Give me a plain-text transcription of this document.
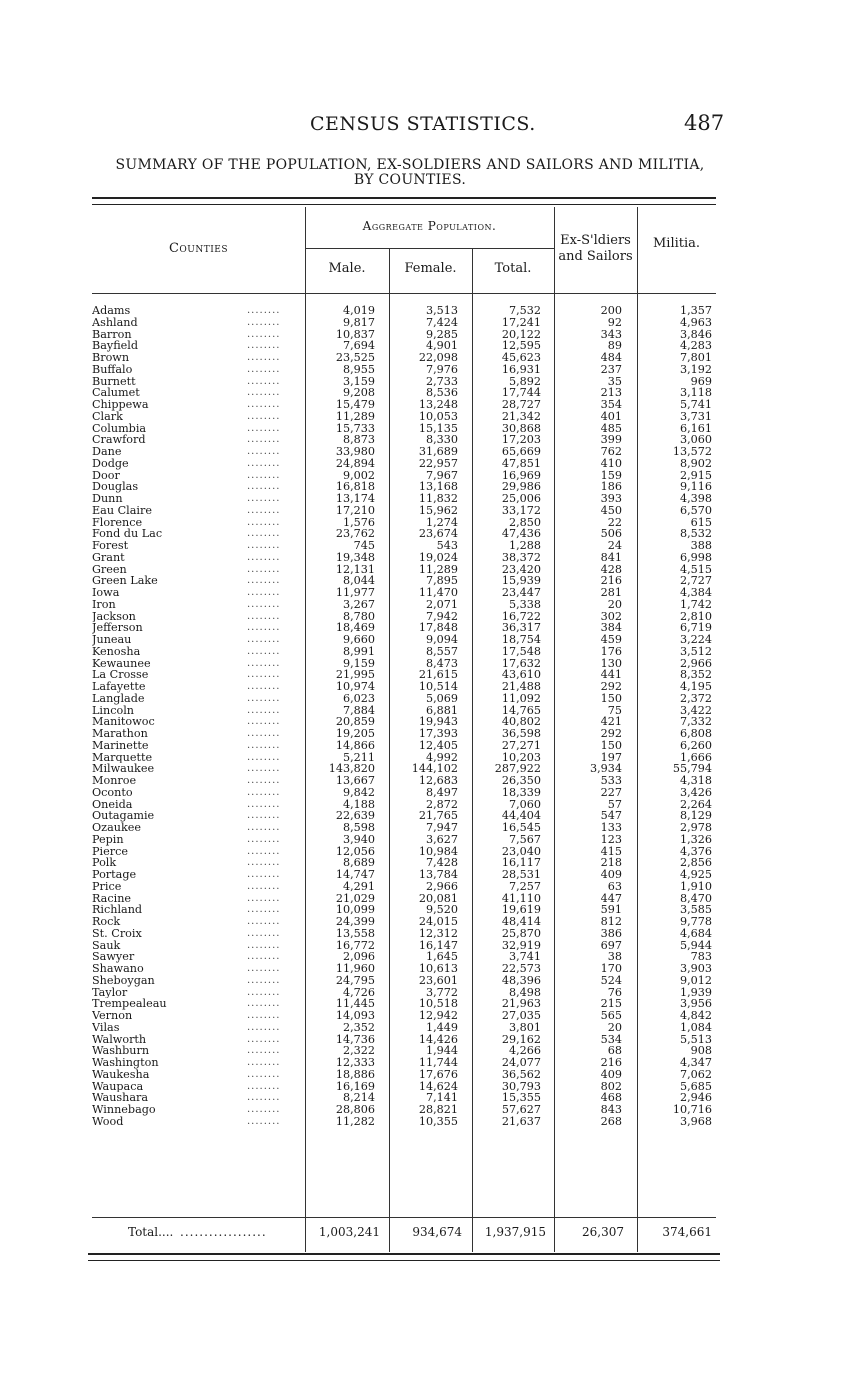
CENSUS STATISTICS.	487
SUMMARY OF THE POPULATION, EX-SOLDIERS AND SAILORS AND MILITIA,
BY COUNTIES.
Counties
Aggregate Population.
Male.	Female.	Total.
Ex-S'ldiers
and Sailors
Militia.
Adams	........	4,019	3,513	7,532	200	1,357
Ashland	........	9,817	7,424	17,241	92	4,963
Barron	........	10,837	9,285	20,122	343	3,846
Bayfield	........	7,694	4,901	12,595	89	4,283
Brown	........	23,525	22,098	45,623	484	7,801
Buffalo	........	8,955	7,976	16,931	237	3,192
Burnett	........	3,159	2,733	5,892	35	969
Calumet	........	9,208	8,536	17,744	213	3,118
Chippewa	........	15,479	13,248	28,727	354	5,741
Clark	........	11,289	10,053	21,342	401	3,731
Columbia	........	15,733	15,135	30,868	485	6,161
Crawford	........	8,873	8,330	17,203	399	3,060
Dane	........	33,980	31,689	65,669	762	13,572
Dodge	........	24,894	22,957	47,851	410	8,902
Door	........	9,002	7,967	16,969	159	2,915
Douglas	........	16,818	13,168	29,986	186	9,116
Dunn	........	13,174	11,832	25,006	393	4,398
Eau Claire	........	17,210	15,962	33,172	450	6,570
Florence	........	1,576	1,274	2,850	22	615
Fond du Lac	........	23,762	23,674	47,436	506	8,532
Forest	........	745	543	1,288	24	388
Grant	........	19,348	19,024	38,372	841	6,998
Green	........	12,131	11,289	23,420	428	4,515
Green Lake	........	8,044	7,895	15,939	216	2,727
Iowa	........	11,977	11,470	23,447	281	4,384
Iron	........	3,267	2,071	5,338	20	1,742
Jackson	........	8,780	7,942	16,722	302	2,810
Jefferson	........	18,469	17,848	36,317	384	6,719
Juneau	........	9,660	9,094	18,754	459	3,224
Kenosha	........	8,991	8,557	17,548	176	3,512
Kewaunee	........	9,159	8,473	17,632	130	2,966
La Crosse	........	21,995	21,615	43,610	441	8,352
Lafayette	........	10,974	10,514	21,488	292	4,195
Langlade	........	6,023	5,069	11,092	150	2,372
Lincoln	........	7,884	6,881	14,765	75	3,422
Manitowoc	........	20,859	19,943	40,802	421	7,332
Marathon	........	19,205	17,393	36,598	292	6,808
Marinette	........	14,866	12,405	27,271	150	6,260
Marquette	........	5,211	4,992	10,203	197	1,666
Milwaukee	........	143,820	144,102	287,922	3,934	55,794
Monroe	........	13,667	12,683	26,350	533	4,318
Oconto	........	9,842	8,497	18,339	227	3,426
Oneida	........	4,188	2,872	7,060	57	2,264
Outagamie	........	22,639	21,765	44,404	547	8,129
Ozaukee	........	8,598	7,947	16,545	133	2,978
Pepin	........	3,940	3,627	7,567	123	1,326
Pierce	........	12,056	10,984	23,040	415	4,376
Polk	........	8,689	7,428	16,117	218	2,856
Portage	........	14,747	13,784	28,531	409	4,925
Price	........	4,291	2,966	7,257	63	1,910
Racine	........	21,029	20,081	41,110	447	8,470
Richland	........	10,099	9,520	19,619	591	3,585
Rock	........	24,399	24,015	48,414	812	9,778
St. Croix	........	13,558	12,312	25,870	386	4,684
Sauk	........	16,772	16,147	32,919	697	5,944
Sawyer	........	2,096	1,645	3,741	38	783
Shawano	........	11,960	10,613	22,573	170	3,903
Sheboygan	........	24,795	23,601	48,396	524	9,012
Taylor	........	4,726	3,772	8,498	76	1,939
Trempealeau	........	11,445	10,518	21,963	215	3,956
Vernon	........	14,093	12,942	27,035	565	4,842
Vilas	........	2,352	1,449	3,801	20	1,084
Walworth	........	14,736	14,426	29,162	534	5,513
Washburn	........	2,322	1,944	4,266	68	908
Washington	........	12,333	11,744	24,077	216	4,347
Waukesha	........	18,886	17,676	36,562	409	7,062
Waupaca	........	16,169	14,624	30,793	802	5,685
Waushara	........	8,214	7,141	15,355	468	2,946
Winnebago	........	28,806	28,821	57,627	843	10,716
Wood	........	11,282	10,355	21,637	268	3,968
Total.... ..................	1,003,241	934,674	1,937,915	26,307	374,661
